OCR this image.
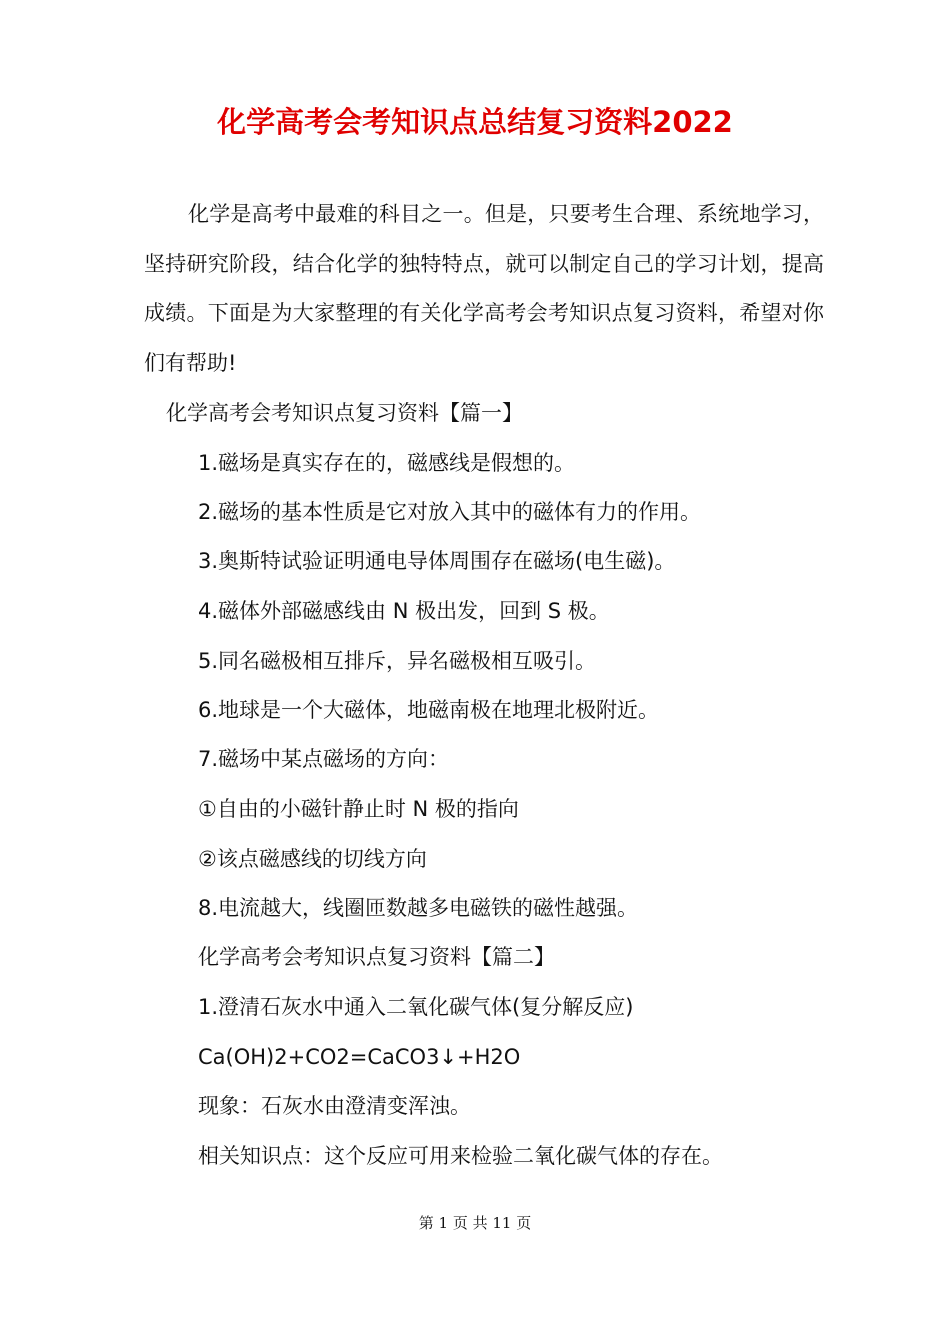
化学高考会考知识点总结复习资料2022

化学是高考中最难的科目之一。但是，只要考生合理、系统地学习，坚持研究阶段，结合化学的独特特点，就可以制定自己的学习计划，提高成绩。下面是为大家整理的有关化学高考会考知识点复习资料，希望对你们有帮助!

化学高考会考知识点复习资料【篇一】
1.磁场是真实存在的，磁感线是假想的。
2.磁场的基本性质是它对放入其中的磁体有力的作用。
3.奥斯特试验证明通电导体周围存在磁场(电生磁)。
4.磁体外部磁感线由 N 极出发，回到 S 极。
5.同名磁极相互排斥，异名磁极相互吸引。
6.地球是一个大磁体，地磁南极在地理北极附近。
7.磁场中某点磁场的方向：
①自由的小磁针静止时 N 极的指向
②该点磁感线的切线方向
8.电流越大，线圈匝数越多电磁铁的磁性越强。
化学高考会考知识点复习资料【篇二】
1.澄清石灰水中通入二氧化碳气体(复分解反应)
Ca(OH)2+CO2=CaCO3↓+H2O
现象：石灰水由澄清变浑浊。
相关知识点：这个反应可用来检验二氧化碳气体的存在。
第 1 页 共 11 页
